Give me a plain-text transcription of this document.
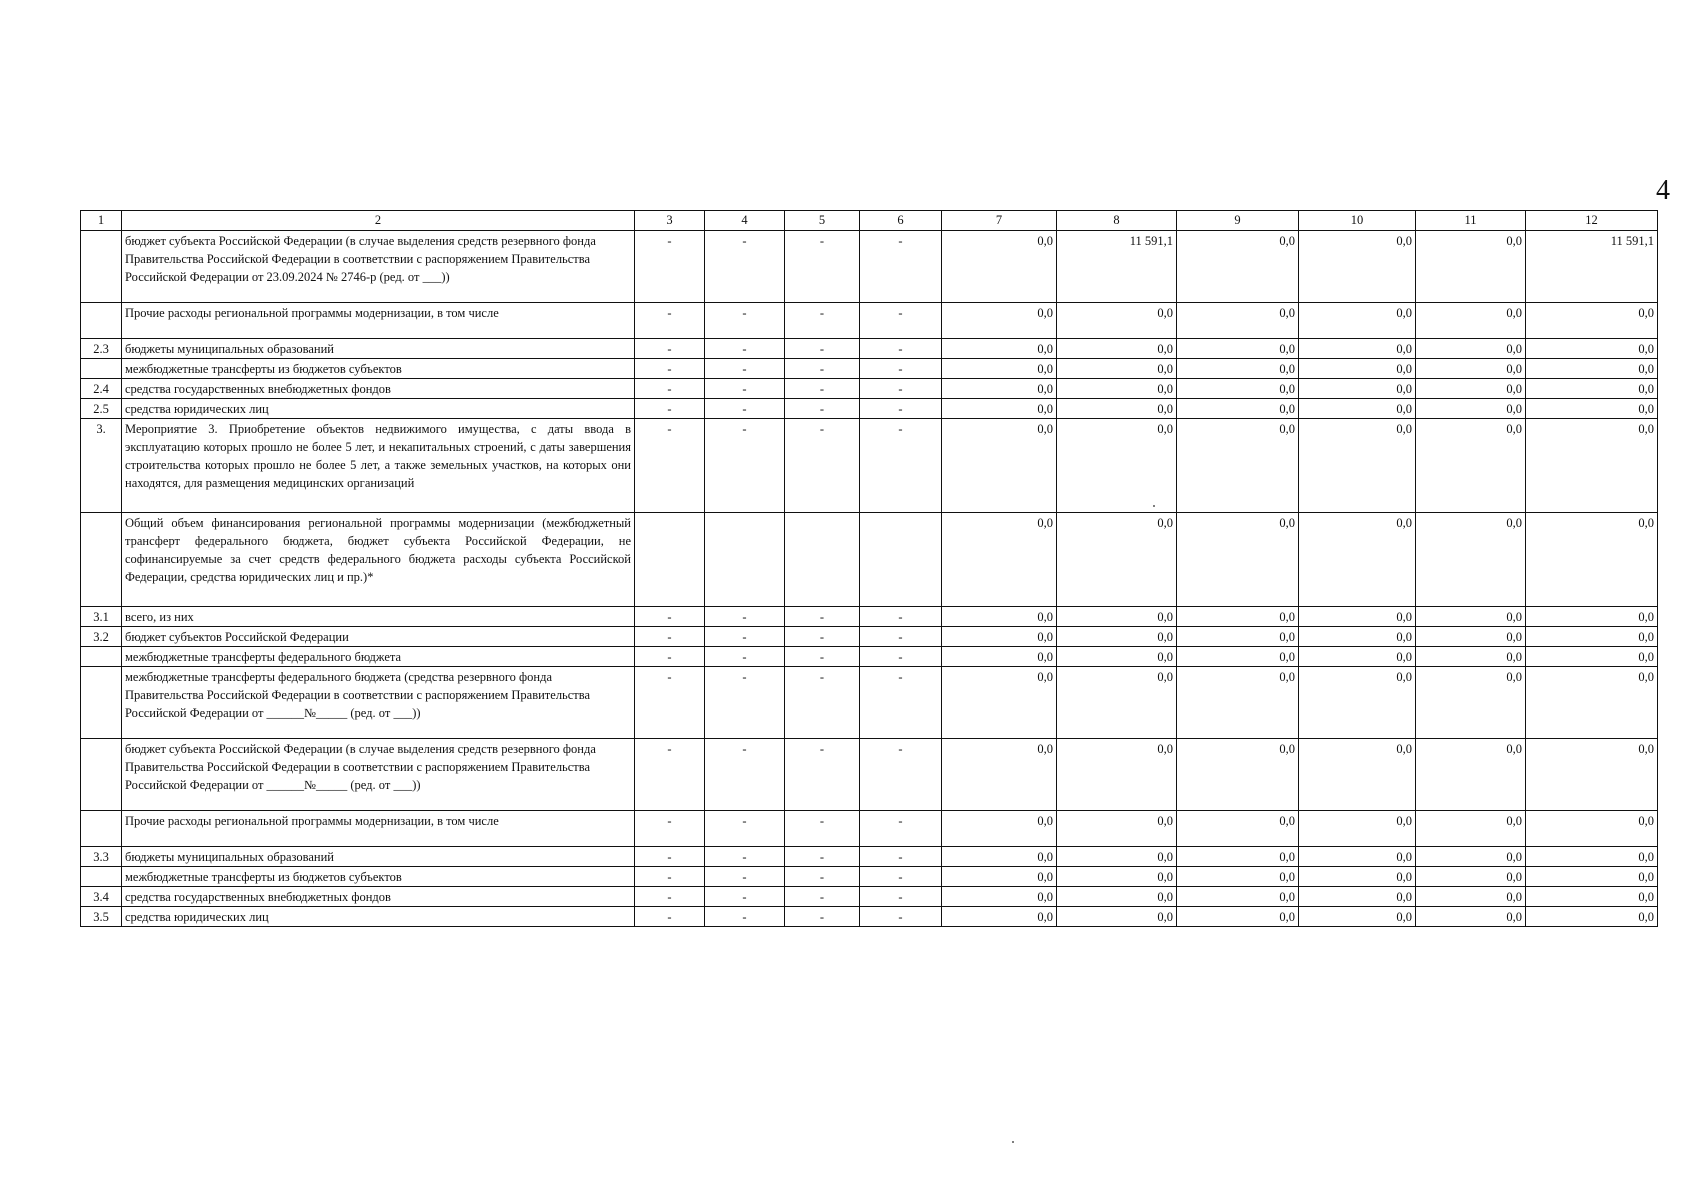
4
1	2	3	4	5	6	7	8	9	10	11	12
	бюджет субъекта Российской Федерации (в случае выделения средств резервного фонда Правительства Российской Федерации в соответствии с распоряжением Правительства Российской Федерации от 23.09.2024 № 2746-р (ред. от ___))	-	-	-	-	0,0	11 591,1	0,0	0,0	0,0	11 591,1
	Прочие расходы региональной программы модернизации, в том числе	-	-	-	-	0,0	0,0	0,0	0,0	0,0	0,0
2.3	бюджеты муниципальных образований	-	-	-	-	0,0	0,0	0,0	0,0	0,0	0,0
	межбюджетные трансферты из бюджетов субъектов	-	-	-	-	0,0	0,0	0,0	0,0	0,0	0,0
2.4	средства государственных внебюджетных фондов	-	-	-	-	0,0	0,0	0,0	0,0	0,0	0,0
2.5	средства юридических лиц	-	-	-	-	0,0	0,0	0,0	0,0	0,0	0,0
3.	Мероприятие 3. Приобретение объектов недвижимого имущества, с даты ввода в эксплуатацию которых прошло не более 5 лет, и некапитальных строений, с даты завершения строительства которых прошло не более 5 лет, а также земельных участков, на которых они находятся, для размещения медицинских организаций	-	-	-	-	0,0	0,0	0,0	0,0	0,0	0,0
	Общий объем финансирования региональной программы модернизации (межбюджетный трансферт федерального бюджета, бюджет субъекта Российской Федерации, не софинансируемые за счет средств федерального бюджета расходы субъекта Российской Федерации, средства юридических лиц и пр.)*					0,0	0,0	0,0	0,0	0,0	0,0
3.1	всего, из них	-	-	-	-	0,0	0,0	0,0	0,0	0,0	0,0
3.2	бюджет субъектов Российской Федерации	-	-	-	-	0,0	0,0	0,0	0,0	0,0	0,0
	межбюджетные трансферты федерального бюджета	-	-	-	-	0,0	0,0	0,0	0,0	0,0	0,0
	межбюджетные трансферты федерального бюджета (средства резервного фонда Правительства Российской Федерации в соответствии с распоряжением Правительства Российской Федерации от ______№_____ (ред. от ___))	-	-	-	-	0,0	0,0	0,0	0,0	0,0	0,0
	бюджет субъекта Российской Федерации (в случае выделения средств резервного фонда Правительства Российской Федерации в соответствии с распоряжением Правительства Российской Федерации от ______№_____ (ред. от ___))	-	-	-	-	0,0	0,0	0,0	0,0	0,0	0,0
	Прочие расходы региональной программы модернизации, в том числе	-	-	-	-	0,0	0,0	0,0	0,0	0,0	0,0
3.3	бюджеты муниципальных образований	-	-	-	-	0,0	0,0	0,0	0,0	0,0	0,0
	межбюджетные трансферты из бюджетов субъектов	-	-	-	-	0,0	0,0	0,0	0,0	0,0	0,0
3.4	средства государственных внебюджетных фондов	-	-	-	-	0,0	0,0	0,0	0,0	0,0	0,0
3.5	средства юридических лиц	-	-	-	-	0,0	0,0	0,0	0,0	0,0	0,0
